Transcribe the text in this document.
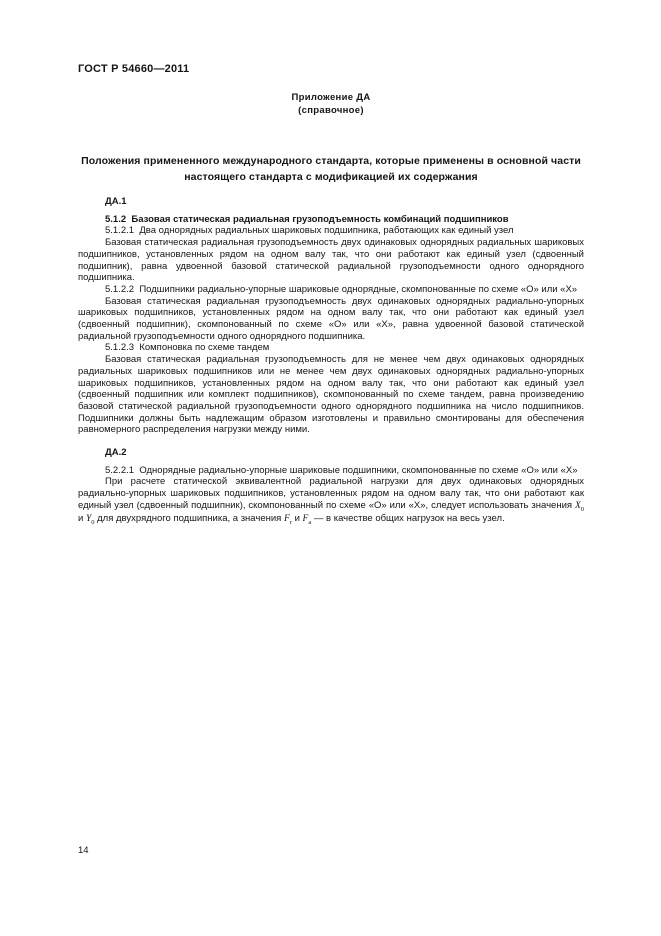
ГОСТ Р 54660—2011
Приложение ДА
(справочное)
Положения примененного международного стандарта, которые применены в основной части
настоящего стандарта с модификацией их содержания
ДА.1

5.1.2  Базовая статическая радиальная грузоподъемность комбинаций подшипников

5.1.2.1  Два однорядных радиальных шариковых подшипника, работающих как единый узел

Базовая статическая радиальная грузоподъемность двух одинаковых однорядных радиальных шариковых подшипников, установленных рядом на одном валу так, что они работают как единый узел (сдвоенный подшипник), равна удвоенной базовой статической радиальной грузоподъемности одного однорядного подшипника.

5.1.2.2  Подшипники радиально-упорные шариковые однорядные, скомпонованные по схеме «О» или «Х»

Базовая статическая радиальная грузоподъемность двух одинаковых однорядных радиально-упорных шариковых подшипников, установленных рядом на одном валу так, что они работают как единый узел (сдвоенный подшипник), скомпонованный по схеме «О» или «Х», равна удвоенной базовой статической радиальной грузоподъемности одного однорядного подшипника.

5.1.2.3  Компоновка по схеме тандем

Базовая статическая радиальная грузоподъемность для не менее чем двух одинаковых однорядных радиальных шариковых подшипников или не менее чем двух одинаковых однорядных радиально-упорных шариковых подшипников, установленных рядом на одном валу так, что они работают как единый узел (сдвоенный подшипник или комплект подшипников), скомпонованный по схеме тандем, равна произведению базовой статической радиальной грузоподъемности одного однорядного подшипника на число подшипников. Подшипники должны быть надлежащим образом изготовлены и правильно смонтированы для обеспечения равномерного распределения нагрузки между ними.

ДА.2

5.2.2.1  Однорядные радиально-упорные шариковые подшипники, скомпонованные по схеме «О» или «Х»

При расчете статической эквивалентной радиальной нагрузки для двух одинаковых однорядных радиально-упорных шариковых подшипников, установленных рядом на одном валу так, что они работают как единый узел (сдвоенный подшипник), скомпонованный по схеме «О» или «Х», следует использовать значения $X_0$ и $Y_0$ для двухрядного подшипника, а значения $F_r$ и $F_a$ — в качестве общих нагрузок на весь узел.

14
